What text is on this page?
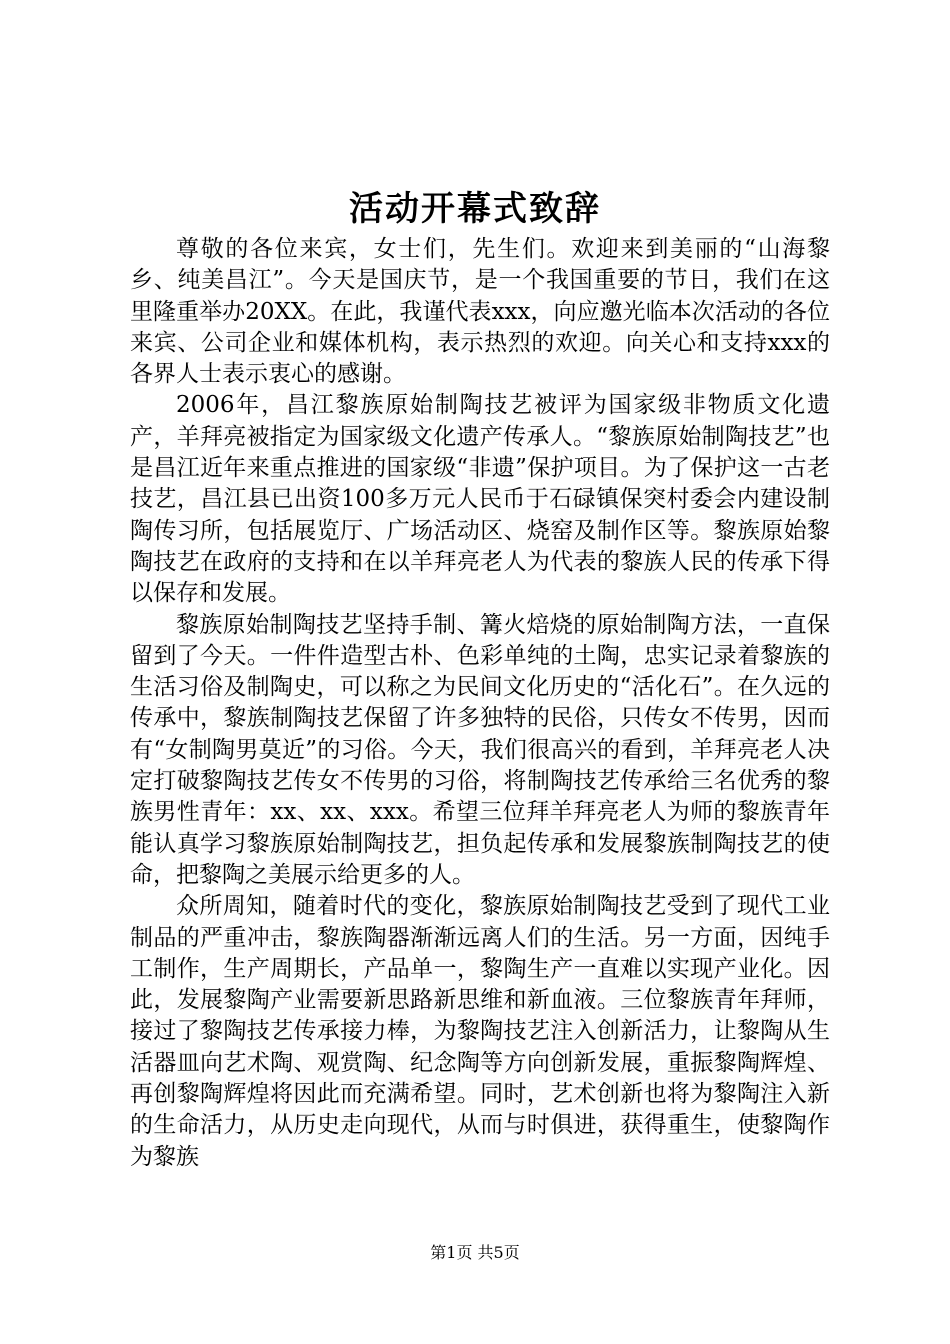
活动开幕式致辞

尊敬的各位来宾，女士们，先生们。欢迎来到美丽的“山海黎乡、纯美昌江”。今天是国庆节，是一个我国重要的节日，我们在这里隆重举办20XX。在此，我谨代表xxx，向应邀光临本次活动的各位来宾、公司企业和媒体机构，表示热烈的欢迎。向关心和支持xxx的各界人士表示衷心的感谢。

2006年，昌江黎族原始制陶技艺被评为国家级非物质文化遗产，羊拜亮被指定为国家级文化遗产传承人。“黎族原始制陶技艺”也是昌江近年来重点推进的国家级“非遗”保护项目。为了保护这一古老技艺，昌江县已出资100多万元人民币于石碌镇保突村委会内建设制陶传习所，包括展览厅、广场活动区、烧窑及制作区等。黎族原始黎陶技艺在政府的支持和在以羊拜亮老人为代表的黎族人民的传承下得以保存和发展。

黎族原始制陶技艺坚持手制、篝火焙烧的原始制陶方法，一直保留到了今天。一件件造型古朴、色彩单纯的土陶，忠实记录着黎族的生活习俗及制陶史，可以称之为民间文化历史的“活化石”。在久远的传承中，黎族制陶技艺保留了许多独特的民俗，只传女不传男，因而有“女制陶男莫近”的习俗。今天，我们很高兴的看到，羊拜亮老人决定打破黎陶技艺传女不传男的习俗，将制陶技艺传承给三名优秀的黎族男性青年：xx、xx、xxx。希望三位拜羊拜亮老人为师的黎族青年能认真学习黎族原始制陶技艺，担负起传承和发展黎族制陶技艺的使命，把黎陶之美展示给更多的人。

众所周知，随着时代的变化，黎族原始制陶技艺受到了现代工业制品的严重冲击，黎族陶器渐渐远离人们的生活。另一方面，因纯手工制作，生产周期长，产品单一，黎陶生产一直难以实现产业化。因此，发展黎陶产业需要新思路新思维和新血液。三位黎族青年拜师，接过了黎陶技艺传承接力棒，为黎陶技艺注入创新活力，让黎陶从生活器皿向艺术陶、观赏陶、纪念陶等方向创新发展，重振黎陶辉煌、再创黎陶辉煌将因此而充满希望。同时，艺术创新也将为黎陶注入新的生命活力，从历史走向现代，从而与时俱进，获得重生，使黎陶作为黎族

第1页 共5页
